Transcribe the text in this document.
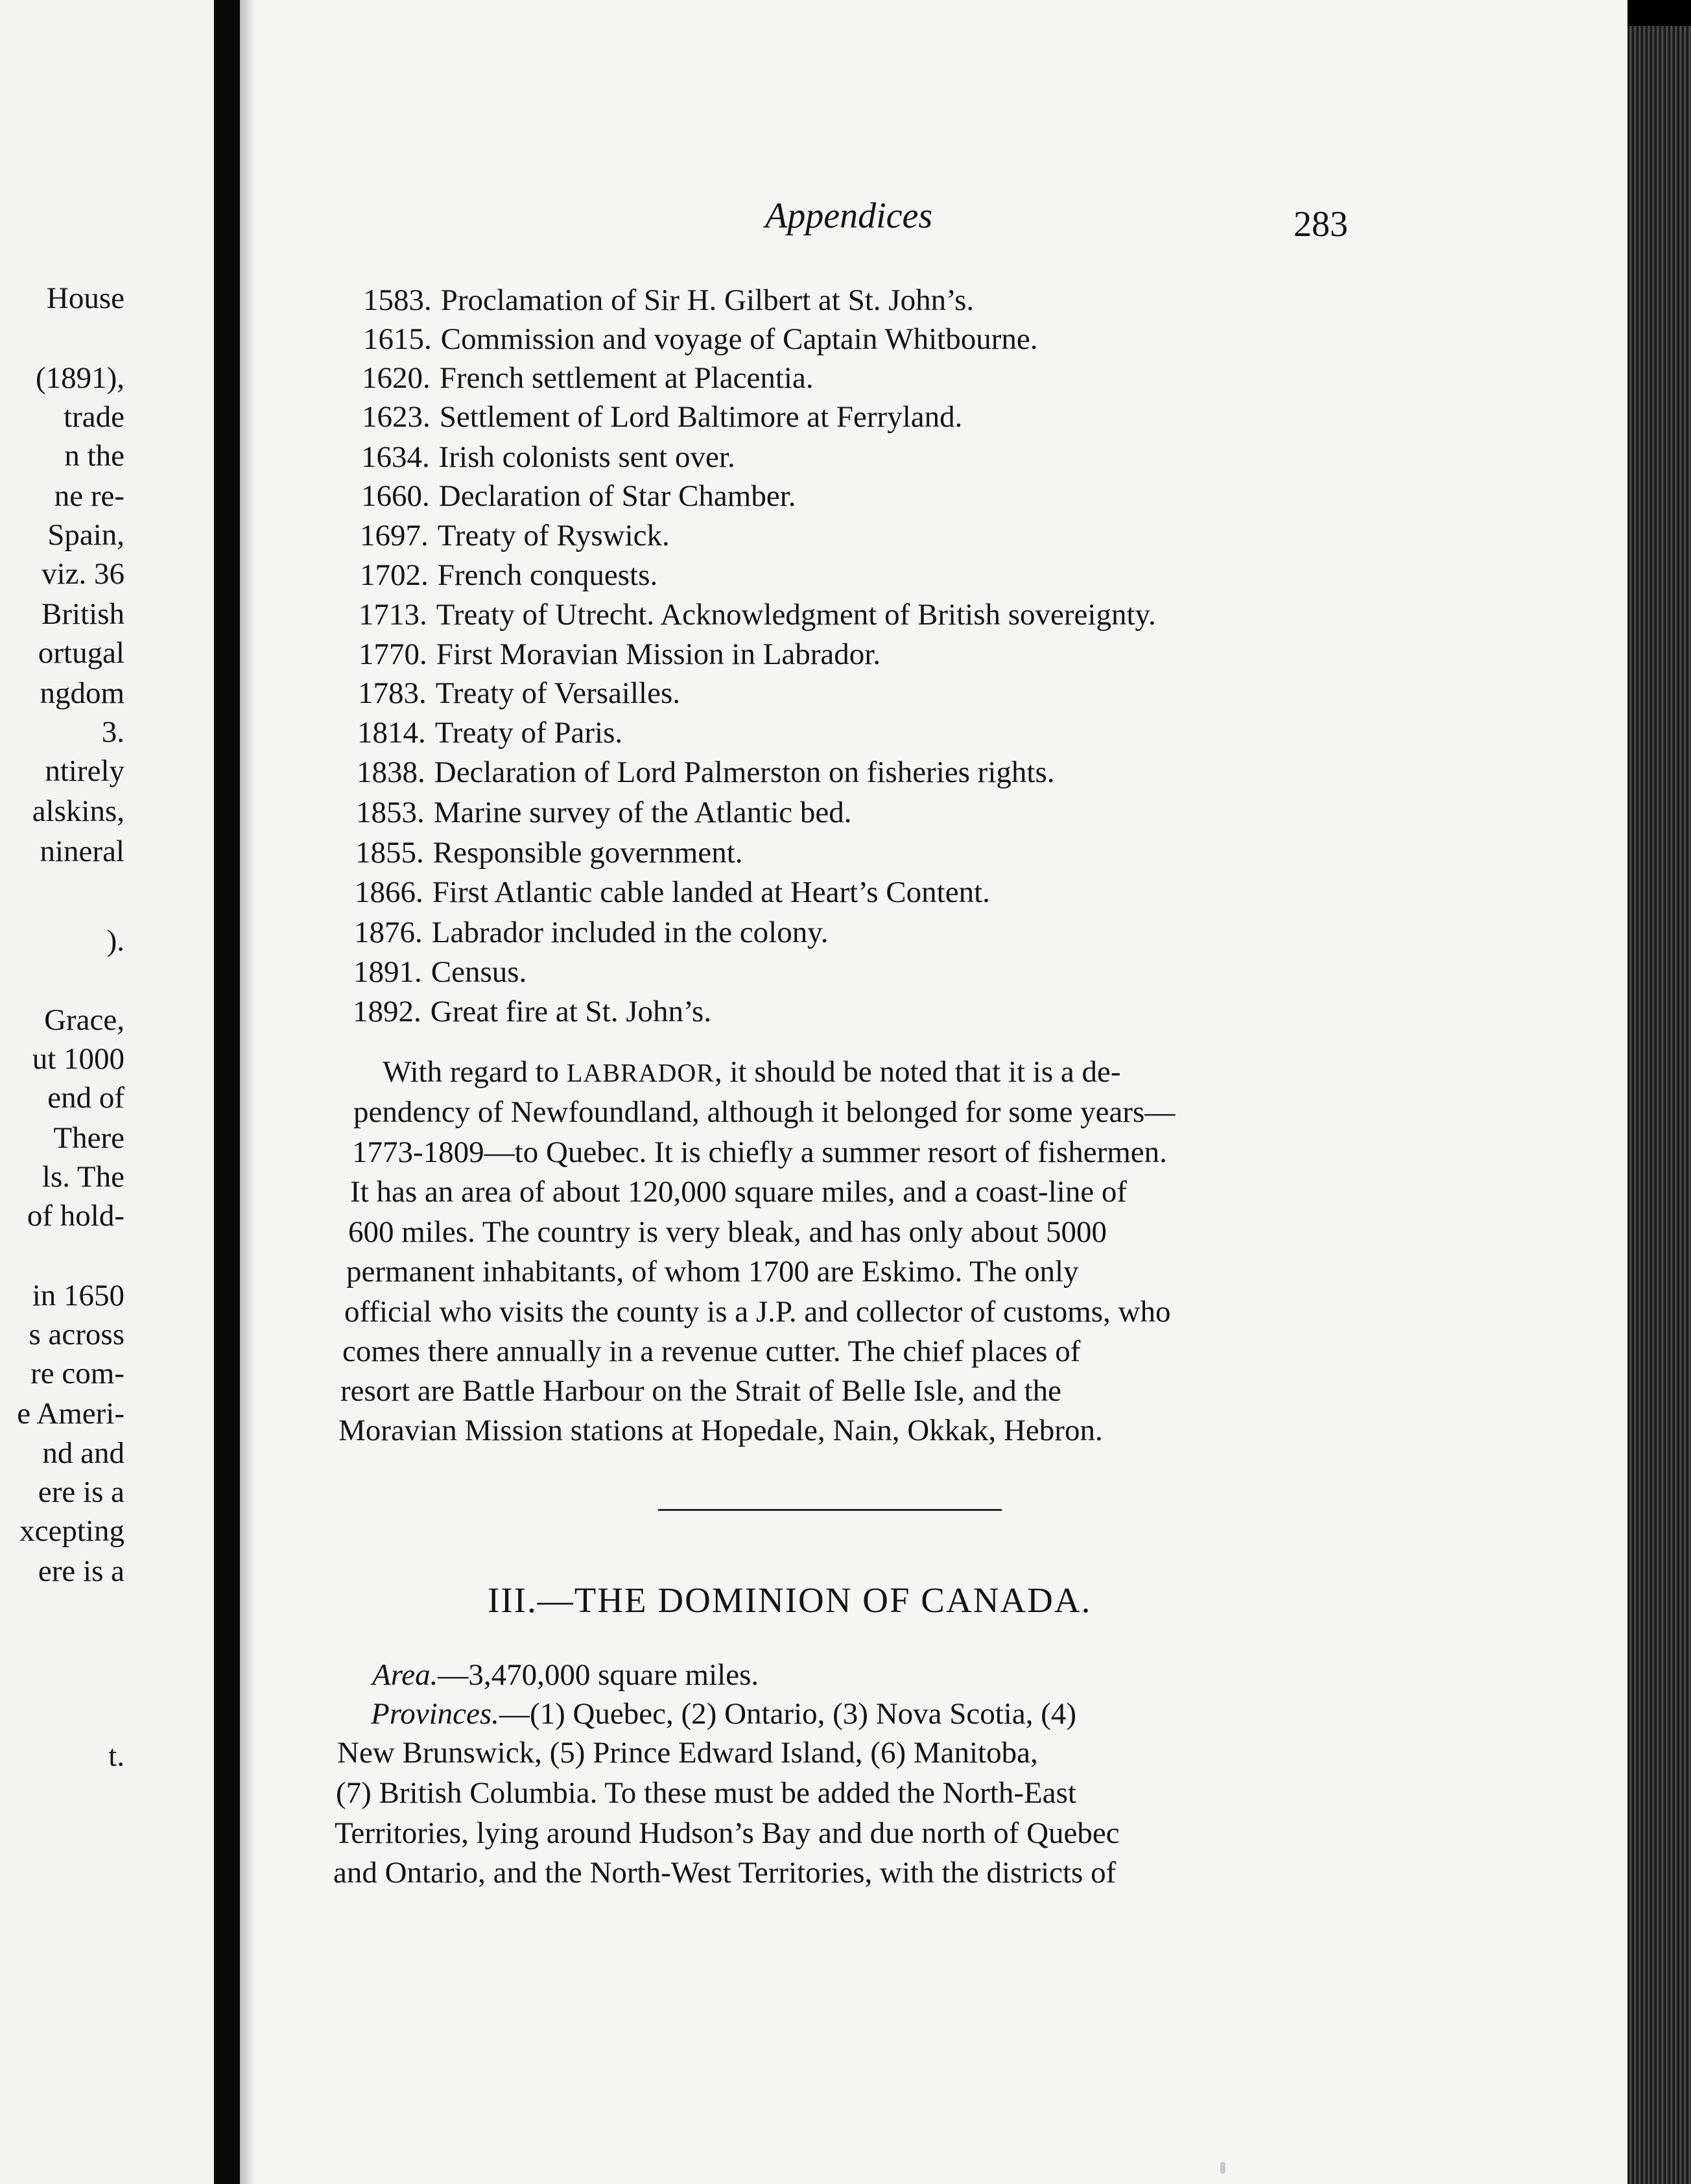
House
(1891),
trade
n the
ne re-
Spain,
viz. 36
British
ortugal
ngdom
3.
ntirely
alskins,
nineral
).
Grace,
ut 1000
end of
There
ls. The
of hold-
in 1650
s across
re com-
e Ameri-
nd and
ere is a
xcepting
ere is a
t.
Appendices	283
1583. Proclamation of Sir H. Gilbert at St. John’s.
1615. Commission and voyage of Captain Whitbourne.
1620. French settlement at Placentia.
1623. Settlement of Lord Baltimore at Ferryland.
1634. Irish colonists sent over.
1660. Declaration of Star Chamber.
1697. Treaty of Ryswick.
1702. French conquests.
1713. Treaty of Utrecht. Acknowledgment of British sovereignty.
1770. First Moravian Mission in Labrador.
1783. Treaty of Versailles.
1814. Treaty of Paris.
1838. Declaration of Lord Palmerston on fisheries rights.
1853. Marine survey of the Atlantic bed.
1855. Responsible government.
1866. First Atlantic cable landed at Heart’s Content.
1876. Labrador included in the colony.
1891. Census.
1892. Great fire at St. John’s.
With regard to LABRADOR, it should be noted that it is a de-
pendency of Newfoundland, although it belonged for some years—
1773-1809—to Quebec. It is chiefly a summer resort of fishermen.
It has an area of about 120,000 square miles, and a coast-line of
600 miles. The country is very bleak, and has only about 5000
permanent inhabitants, of whom 1700 are Eskimo. The only
official who visits the county is a J.P. and collector of customs, who
comes there annually in a revenue cutter. The chief places of
resort are Battle Harbour on the Strait of Belle Isle, and the
Moravian Mission stations at Hopedale, Nain, Okkak, Hebron.
III.—THE DOMINION OF CANADA.
Area.—3,470,000 square miles.
Provinces.—(1) Quebec, (2) Ontario, (3) Nova Scotia, (4)
New Brunswick, (5) Prince Edward Island, (6) Manitoba,
(7) British Columbia. To these must be added the North-East
Territories, lying around Hudson’s Bay and due north of Quebec
and Ontario, and the North-West Territories, with the districts of
